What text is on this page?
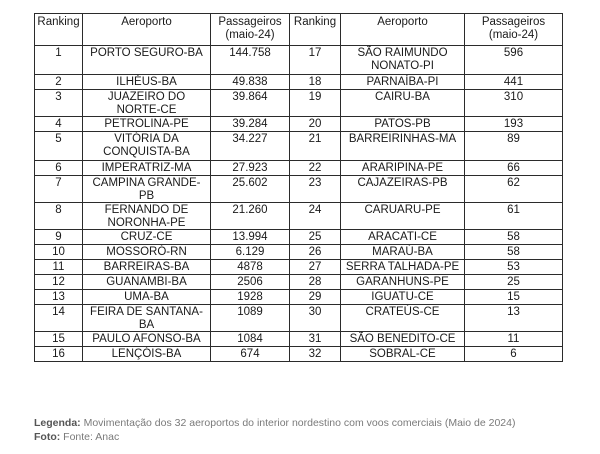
Ranking	Aeroporto	Passageiros (maio-24)	Ranking	Aeroporto	Passageiros (maio-24)
1	PORTO SEGURO-BA	144.758	17	SÃO RAIMUNDO NONATO-PI	596
2	ILHÉUS-BA	49.838	18	PARNAÍBA-PI	441
3	JUAZEIRO DO NORTE-CE	39.864	19	CAIRU-BA	310
4	PETROLINA-PE	39.284	20	PATOS-PB	193
5	VITÓRIA DA CONQUISTA-BA	34.227	21	BARREIRINHAS-MA	89
6	IMPERATRIZ-MA	27.923	22	ARARIPINA-PE	66
7	CAMPINA GRANDE-PB	25.602	23	CAJAZEIRAS-PB	62
8	FERNANDO DE NORONHA-PE	21.260	24	CARUARU-PE	61
9	CRUZ-CE	13.994	25	ARACATI-CE	58
10	MOSSORÓ-RN	6.129	26	MARAÚ-BA	58
11	BARREIRAS-BA	4878	27	SERRA TALHADA-PE	53
12	GUANAMBI-BA	2506	28	GARANHUNS-PE	25
13	UMA-BA	1928	29	IGUATU-CE	15
14	FEIRA DE SANTANA-BA	1089	30	CRATEÚS-CE	13
15	PAULO AFONSO-BA	1084	31	SÃO BENEDITO-CE	11
16	LENÇÓIS-BA	674	32	SOBRAL-CE	6
Legenda: Movimentação dos 32 aeroportos do interior nordestino com voos comerciais (Maio de 2024)
Foto: Fonte: Anac
